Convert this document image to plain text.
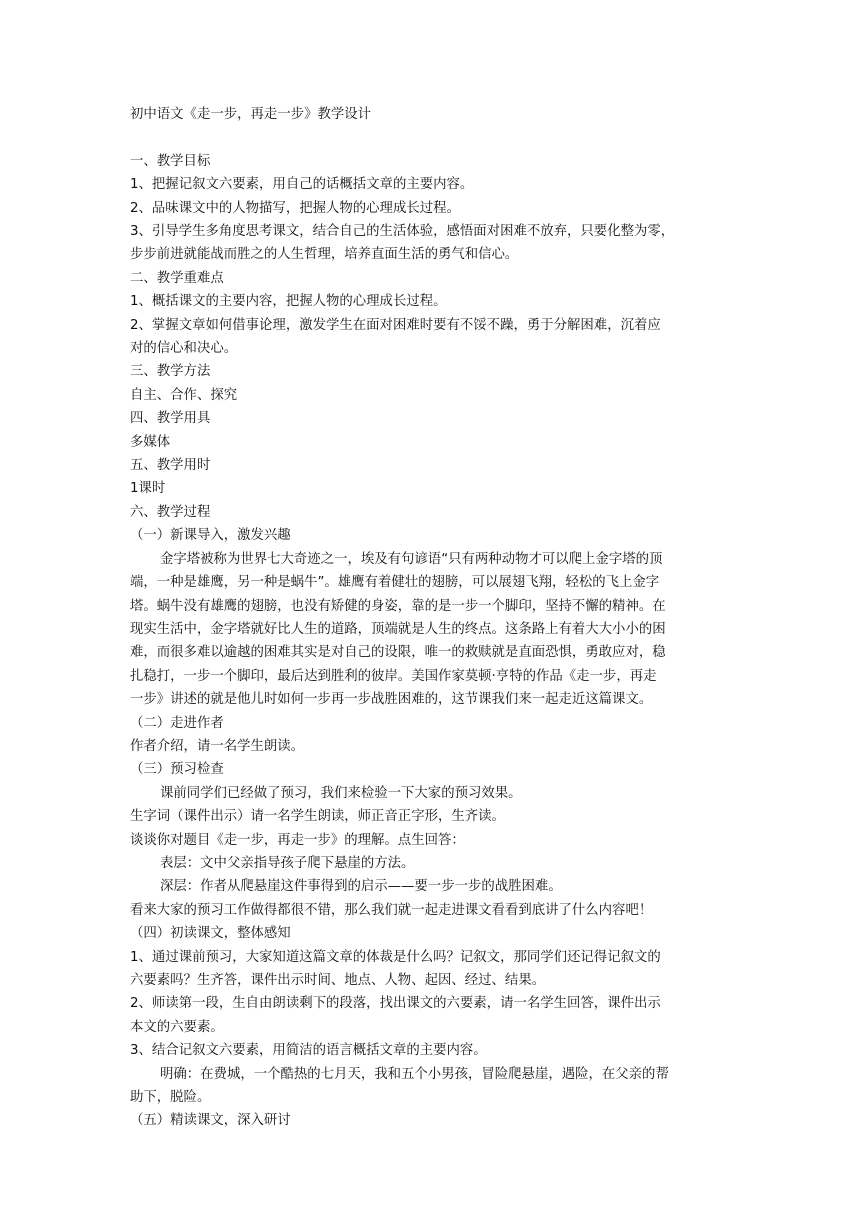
初中语文《走一步，再走一步》教学设计
一、教学目标
1、把握记叙文六要素，用自己的话概括文章的主要内容。
2、品味课文中的人物描写，把握人物的心理成长过程。
3、引导学生多角度思考课文，结合自己的生活体验，感悟面对困难不放弃，只要化整为零，
步步前进就能战而胜之的人生哲理，培养直面生活的勇气和信心。
二、教学重难点
1、概括课文的主要内容，把握人物的心理成长过程。
2、掌握文章如何借事论理，激发学生在面对困难时要有不馁不躁，勇于分解困难，沉着应
对的信心和决心。
三、教学方法
自主、合作、探究
四、教学用具
多媒体
五、教学用时
1课时
六、教学过程
（一）新课导入，激发兴趣
金字塔被称为世界七大奇迹之一，埃及有句谚语“只有两种动物才可以爬上金字塔的顶
端，一种是雄鹰，另一种是蜗牛”。雄鹰有着健壮的翅膀，可以展翅飞翔，轻松的飞上金字
塔。蜗牛没有雄鹰的翅膀，也没有矫健的身姿，靠的是一步一个脚印，坚持不懈的精神。在
现实生活中，金字塔就好比人生的道路，顶端就是人生的终点。这条路上有着大大小小的困
难，而很多难以逾越的困难其实是对自己的设限，唯一的救赎就是直面恐惧，勇敢应对，稳
扎稳打，一步一个脚印，最后达到胜利的彼岸。美国作家莫顿·亨特的作品《走一步，再走
一步》讲述的就是他儿时如何一步再一步战胜困难的，这节课我们来一起走近这篇课文。
（二）走进作者
作者介绍，请一名学生朗读。
（三）预习检查
课前同学们已经做了预习，我们来检验一下大家的预习效果。
生字词（课件出示）请一名学生朗读，师正音正字形，生齐读。
谈谈你对题目《走一步，再走一步》的理解。点生回答：
表层：文中父亲指导孩子爬下悬崖的方法。
深层：作者从爬悬崖这件事得到的启示——要一步一步的战胜困难。
看来大家的预习工作做得都很不错，那么我们就一起走进课文看看到底讲了什么内容吧！
（四）初读课文，整体感知
1、通过课前预习，大家知道这篇文章的体裁是什么吗？记叙文，那同学们还记得记叙文的
六要素吗？生齐答，课件出示时间、地点、人物、起因、经过、结果。
2、师读第一段，生自由朗读剩下的段落，找出课文的六要素，请一名学生回答，课件出示
本文的六要素。
3、结合记叙文六要素，用简洁的语言概括文章的主要内容。
明确：在费城，一个酷热的七月天，我和五个小男孩，冒险爬悬崖，遇险，在父亲的帮
助下，脱险。
（五）精读课文，深入研讨
